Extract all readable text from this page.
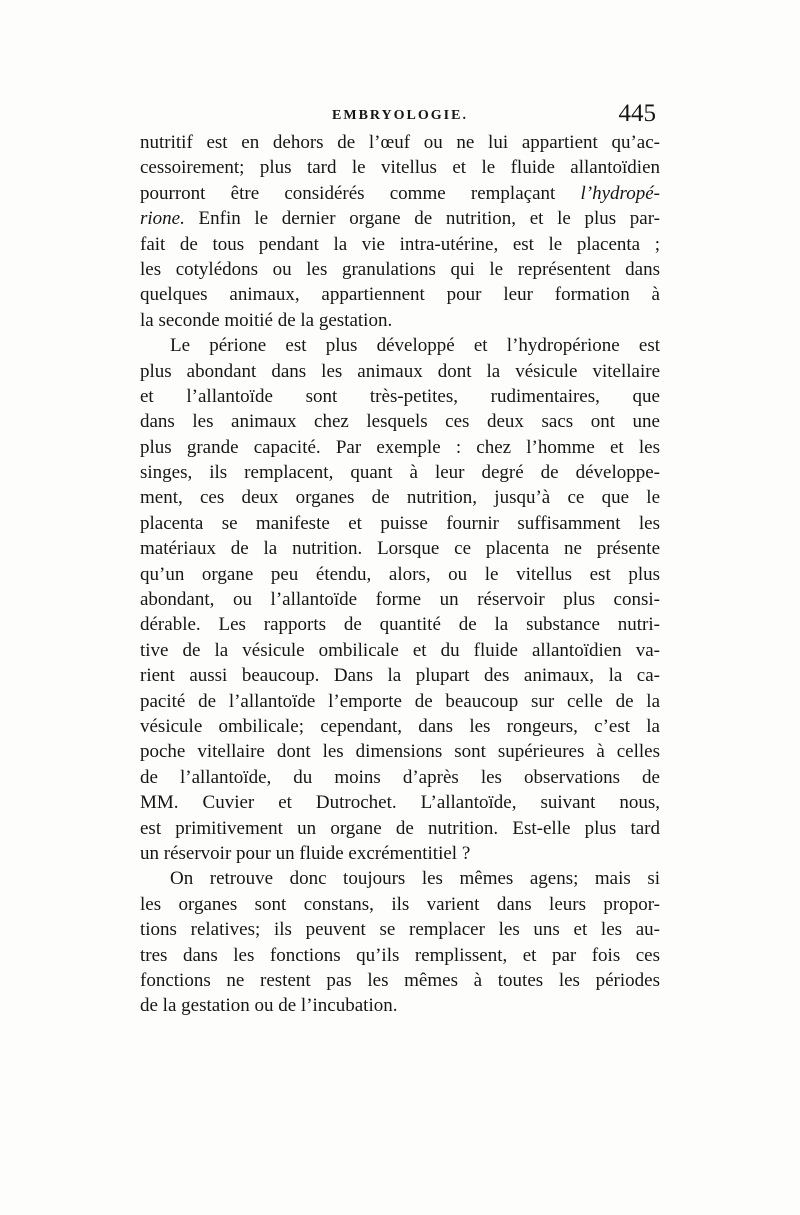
EMBRYOLOGIE.	445
nutritif est en dehors de l’œuf ou ne lui appartient qu’ac-
cessoirement; plus tard le vitellus et le fluide allantoïdien
pourront être considérés comme remplaçant l’hydropé-
rione. Enfin le dernier organe de nutrition, et le plus par-
fait de tous pendant la vie intra-utérine, est le placenta ;
les cotylédons ou les granulations qui le représentent dans
quelques animaux, appartiennent pour leur formation à
la seconde moitié de la gestation.
Le périone est plus développé et l’hydropérione est
plus abondant dans les animaux dont la vésicule vitellaire
et l’allantoïde sont très-petites, rudimentaires, que
dans les animaux chez lesquels ces deux sacs ont une
plus grande capacité. Par exemple : chez l’homme et les
singes, ils remplacent, quant à leur degré de développe-
ment, ces deux organes de nutrition, jusqu’à ce que le
placenta se manifeste et puisse fournir suffisamment les
matériaux de la nutrition. Lorsque ce placenta ne présente
qu’un organe peu étendu, alors, ou le vitellus est plus
abondant, ou l’allantoïde forme un réservoir plus consi-
dérable. Les rapports de quantité de la substance nutri-
tive de la vésicule ombilicale et du fluide allantoïdien va-
rient aussi beaucoup. Dans la plupart des animaux, la ca-
pacité de l’allantoïde l’emporte de beaucoup sur celle de la
vésicule ombilicale; cependant, dans les rongeurs, c’est la
poche vitellaire dont les dimensions sont supérieures à celles
de l’allantoïde, du moins d’après les observations de
MM. Cuvier et Dutrochet. L’allantoïde, suivant nous,
est primitivement un organe de nutrition. Est-elle plus tard
un réservoir pour un fluide excrémentitiel ?
On retrouve donc toujours les mêmes agens; mais si
les organes sont constans, ils varient dans leurs propor-
tions relatives; ils peuvent se remplacer les uns et les au-
tres dans les fonctions qu’ils remplissent, et par fois ces
fonctions ne restent pas les mêmes à toutes les périodes
de la gestation ou de l’incubation.
